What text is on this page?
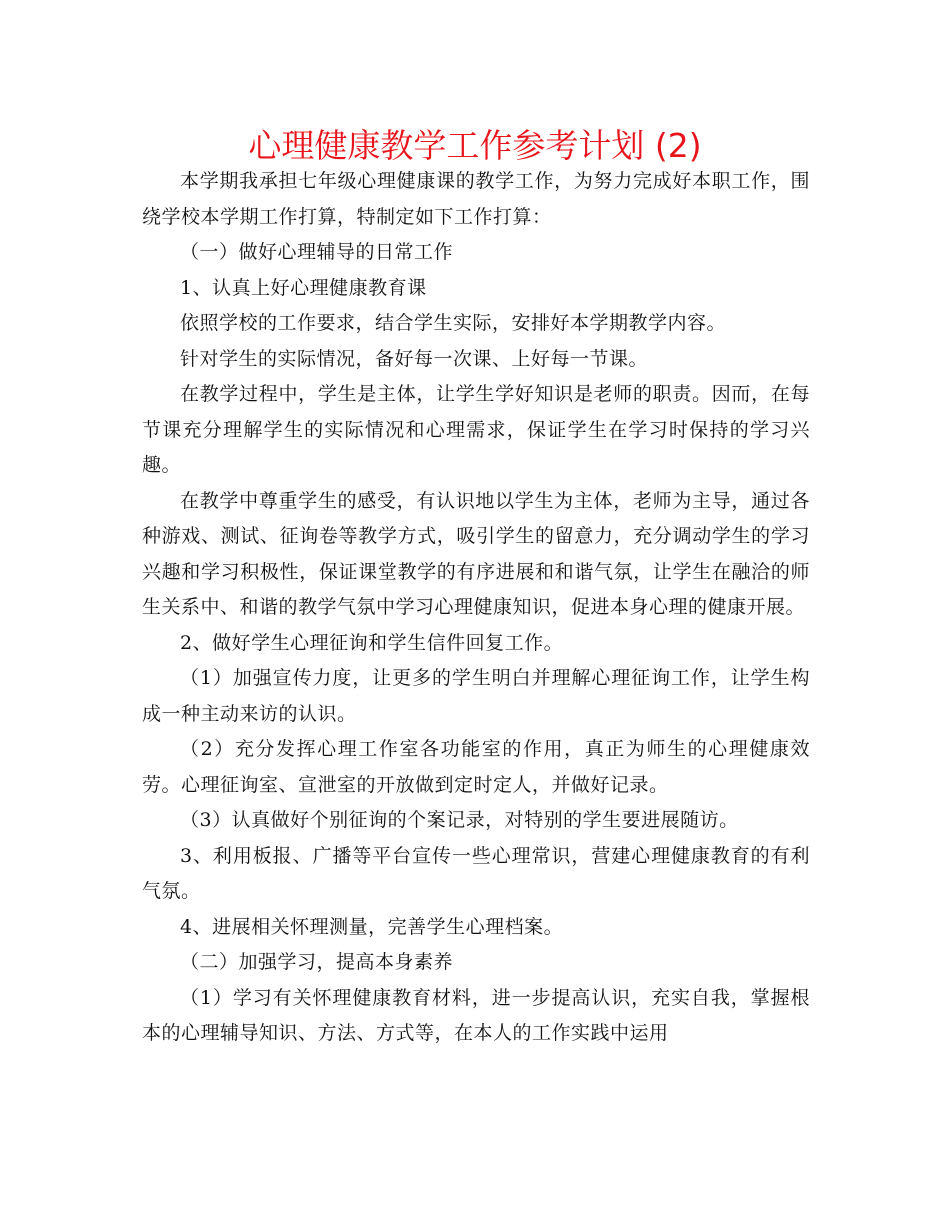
心理健康教学工作参考计划 (2)

本学期我承担七年级心理健康课的教学工作，为努力完成好本职工作，围绕学校本学期工作打算，特制定如下工作打算：

（一）做好心理辅导的日常工作

1、认真上好心理健康教育课

依照学校的工作要求，结合学生实际，安排好本学期教学内容。

针对学生的实际情况，备好每一次课、上好每一节课。

在教学过程中，学生是主体，让学生学好知识是老师的职责。因而，在每节课充分理解学生的实际情况和心理需求，保证学生在学习时保持的学习兴趣。

在教学中尊重学生的感受，有认识地以学生为主体，老师为主导，通过各种游戏、测试、征询卷等教学方式，吸引学生的留意力，充分调动学生的学习兴趣和学习积极性，保证课堂教学的有序进展和和谐气氛，让学生在融洽的师生关系中、和谐的教学气氛中学习心理健康知识，促进本身心理的健康开展。

2、做好学生心理征询和学生信件回复工作。

（1）加强宣传力度，让更多的学生明白并理解心理征询工作，让学生构成一种主动来访的认识。

（2）充分发挥心理工作室各功能室的作用，真正为师生的心理健康效劳。心理征询室、宣泄室的开放做到定时定人，并做好记录。

（3）认真做好个别征询的个案记录，对特别的学生要进展随访。

3、利用板报、广播等平台宣传一些心理常识，营建心理健康教育的有利气氛。

4、进展相关怀理测量，完善学生心理档案。

（二）加强学习，提高本身素养

（1）学习有关怀理健康教育材料，进一步提高认识，充实自我，掌握根本的心理辅导知识、方法、方式等，在本人的工作实践中运用
